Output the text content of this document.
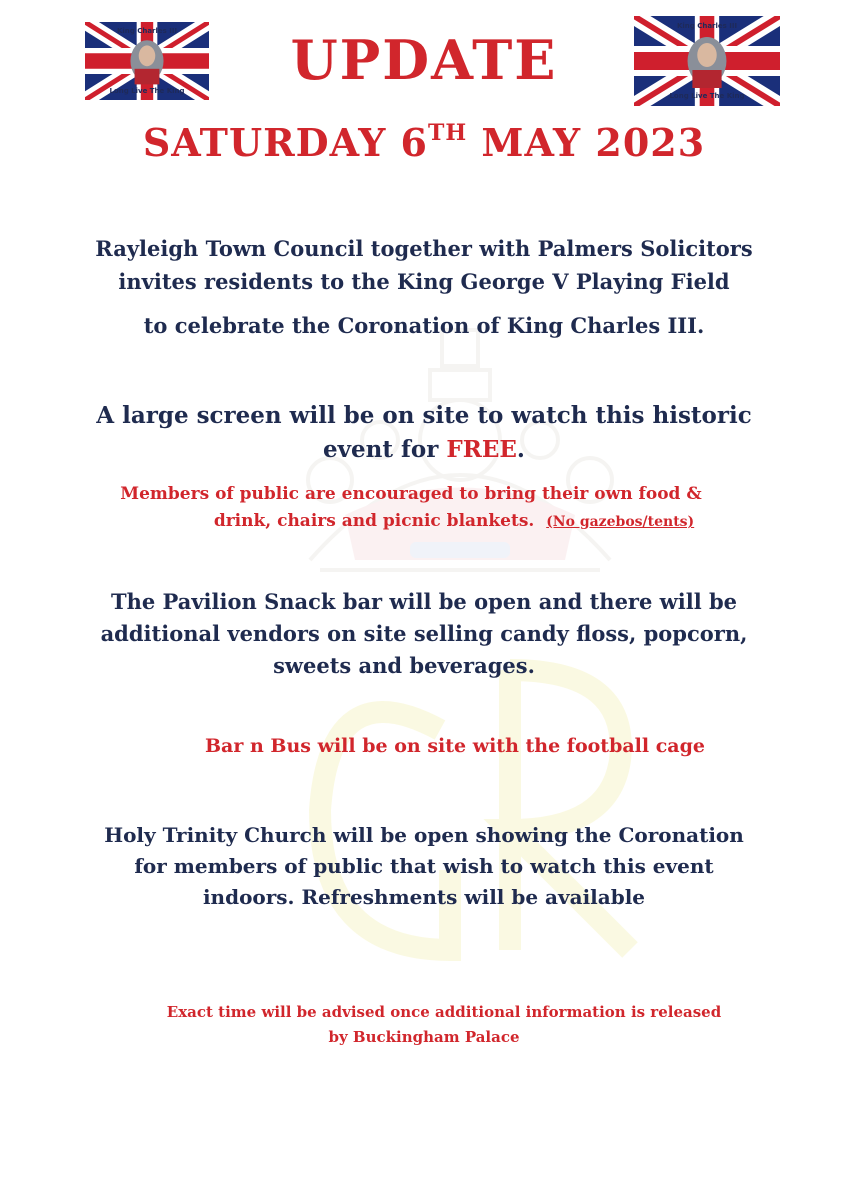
King Charles III
Long Live The King
King Charles III
Long Live The King
UPDATE
SATURDAY 6TH MAY 2023
Rayleigh Town Council together with Palmers Solicitors
invites residents to the King George V Playing Field
to celebrate the Coronation of King Charles III.
A large screen will be on site to watch this historic
event for FREE.
Members of public are encouraged to bring their own food &
drink, chairs and picnic blankets. (No gazebos/tents)
The Pavilion Snack bar will be open and there will be
additional vendors on site selling candy floss, popcorn,
sweets and beverages.
Bar n Bus will be on site with the football cage
Holy Trinity Church will be open showing the Coronation
for members of public that wish to watch this event
indoors. Refreshments will be available
Exact time will be advised once additional information is released
by Buckingham Palace
